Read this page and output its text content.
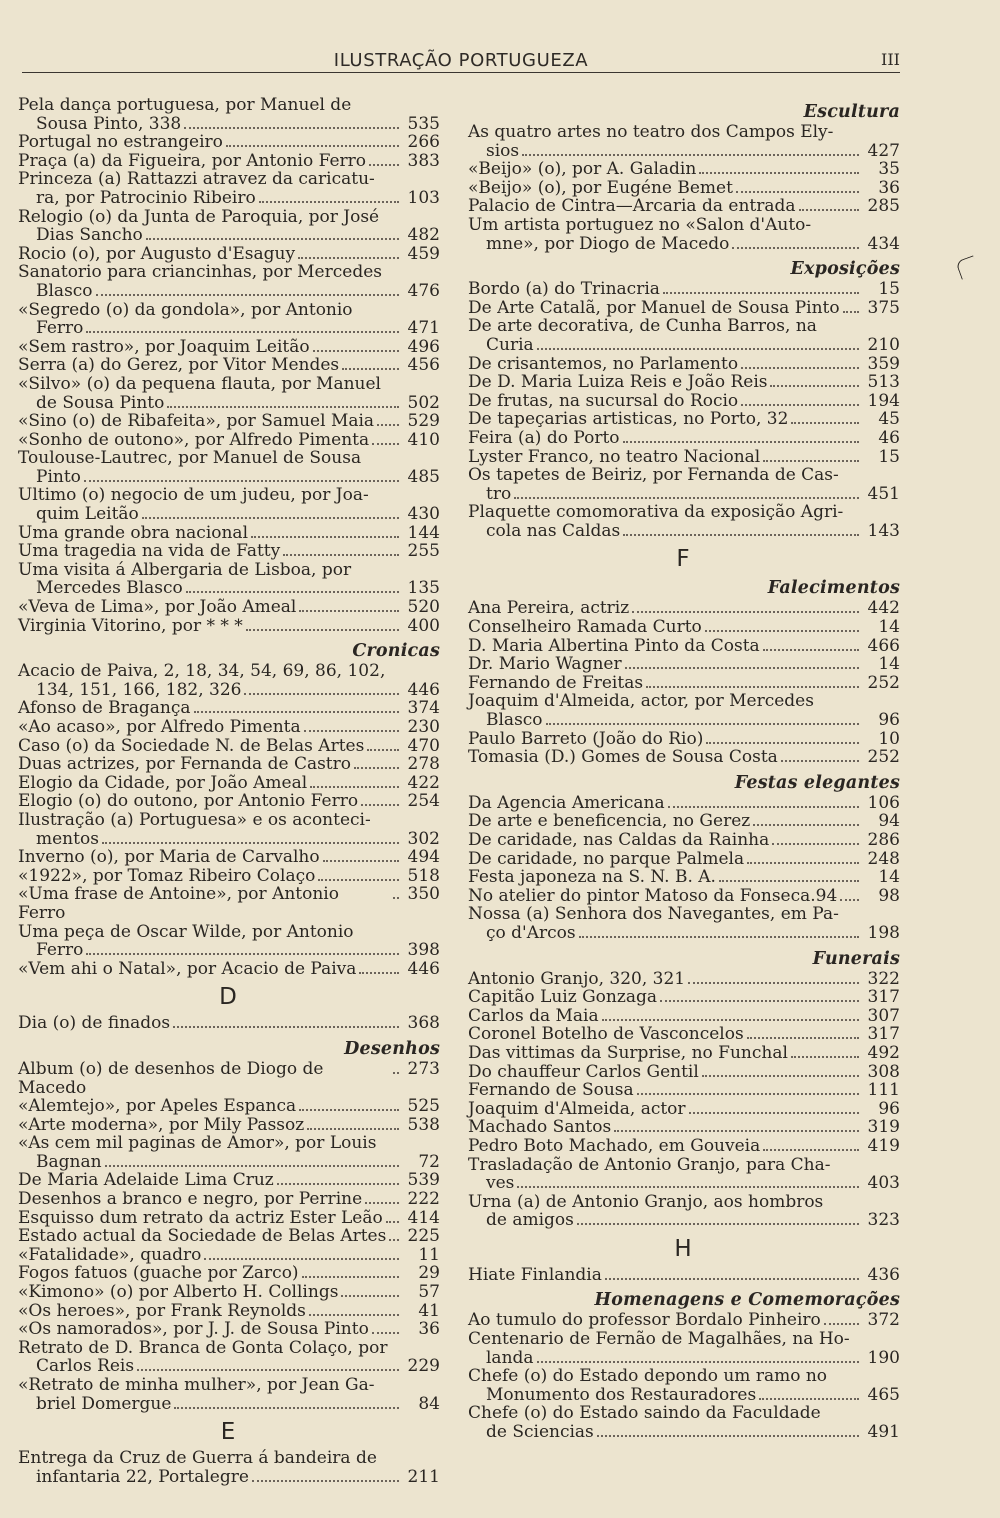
ILUSTRAÇÃO PORTUGUEZA	III
Pela dança portuguesa, por Manuel de
Sousa Pinto, 338	535
Portugal no estrangeiro	266
Praça (a) da Figueira, por Antonio Ferro 383
Princeza (a) Rattazzi atravez da caricatu-
ra, por Patrocinio Ribeiro	103
Relogio (o) da Junta de Paroquia, por José
Dias Sancho	482
Rocio (o), por Augusto d'Esaguy	459
Sanatorio para criancinhas, por Mercedes
Blasco	476
«Segredo (o) da gondola», por Antonio
Ferro	471
«Sem rastro», por Joaquim Leitão	496
Serra (a) do Gerez, por Vitor Mendes	456
«Silvo» (o) da pequena flauta, por Manuel
de Sousa Pinto	502
«Sino (o) de Ribafeita», por Samuel Maia 529
«Sonho de outono», por Alfredo Pimenta 410
Toulouse-Lautrec, por Manuel de Sousa
Pinto	485
Ultimo (o) negocio de um judeu, por Joa-
quim Leitão	430
Uma grande obra nacional	144
Uma tragedia na vida de Fatty	255
Uma visita á Albergaria de Lisboa, por
Mercedes Blasco	135
«Veva de Lima», por João Ameal	520
Virginia Vitorino, por * * *	400
Cronicas
Acacio de Paiva, 2, 18, 34, 54, 69, 86, 102,
134, 151, 166, 182, 326	446
Afonso de Bragança	374
«Ao acaso», por Alfredo Pimenta	230
Caso (o) da Sociedade N. de Belas Artes	470
Duas actrizes, por Fernanda de Castro	278
Elogio da Cidade, por João Ameal	422
Elogio (o) do outono, por Antonio Ferro	254
Ilustração (a) Portuguesa» e os aconteci-
mentos	302
Inverno (o), por Maria de Carvalho	494
«1922», por Tomaz Ribeiro Colaço	518
«Uma frase de Antoine», por Antonio Ferro
350
Uma peça de Oscar Wilde, por Antonio
Ferro	398
«Vem ahi o Natal», por Acacio de Paiva	446
D
Dia (o) de finados	368
Desenhos
Album (o) de desenhos de Diogo de Macedo
273
«Alemtejo», por Apeles Espanca	525
«Arte moderna», por Mily Passoz	538
«As cem mil paginas de Amor», por Louis
Bagnan	72
De Maria Adelaide Lima Cruz	539
Desenhos a branco e negro, por Perrine	222
Esquisso dum retrato da actriz Ester Leão 414
Estado actual da Sociedade de Belas Artes 225
«Fatalidade», quadro	11
Fogos fatuos (guache por Zarco)	29
«Kimono» (o) por Alberto H. Collings	57
«Os heroes», por Frank Reynolds	41
«Os namorados», por J. J. de Sousa Pinto	36
Retrato de D. Branca de Gonta Colaço, por
Carlos Reis	229
«Retrato de minha mulher», por Jean Ga-
briel Domergue	84
E
Entrega da Cruz de Guerra á bandeira de
infantaria 22, Portalegre	211
Escultura
As quatro artes no teatro dos Campos Ely-
sios	427
«Beijo» (o), por A. Galadin	35
«Beijo» (o), por Eugéne Bemet	36
Palacio de Cintra—Arcaria da entrada	285
Um artista portuguez no «Salon d'Auto-
mne», por Diogo de Macedo	434
Exposições
Bordo (a) do Trinacria	15
De Arte Catalã, por Manuel de Sousa Pinto 375
De arte decorativa, de Cunha Barros, na
Curia	210
De crisantemos, no Parlamento	359
De D. Maria Luiza Reis e João Reis	513
De frutas, na sucursal do Rocio	194
De tapeçarias artisticas, no Porto, 32	45
Feira (a) do Porto	46
Lyster Franco, no teatro Nacional	15
Os tapetes de Beiriz, por Fernanda de Cas-
tro	451
Plaquette comomorativa da exposição Agri-
cola nas Caldas	143
F
Falecimentos
Ana Pereira, actriz	442
Conselheiro Ramada Curto	14
D. Maria Albertina Pinto da Costa	466
Dr. Mario Wagner	14
Fernando de Freitas	252
Joaquim d'Almeida, actor, por Mercedes
Blasco	96
Paulo Barreto (João do Rio)	10
Tomasia (D.) Gomes de Sousa Costa	252
Festas elegantes
Da Agencia Americana	106
De arte e beneficencia, no Gerez	94
De caridade, nas Caldas da Rainha	286
De caridade, no parque Palmela	248
Festa japoneza na S. N. B. A.	14
No atelier do pintor Matoso da Fonseca.94	98
Nossa (a) Senhora dos Navegantes, em Pa-
ço d'Arcos	198
Funerais
Antonio Granjo, 320, 321	322
Capitão Luiz Gonzaga	317
Carlos da Maia	307
Coronel Botelho de Vasconcelos	317
Das vittimas da Surprise, no Funchal	492
Do chauffeur Carlos Gentil	308
Fernando de Sousa	111
Joaquim d'Almeida, actor	96
Machado Santos	319
Pedro Boto Machado, em Gouveia	419
Trasladação de Antonio Granjo, para Cha-
ves	403
Urna (a) de Antonio Granjo, aos hombros
de amigos	323
H
Hiate Finlandia	436
Homenagens e Comemorações
Ao tumulo do professor Bordalo Pinheiro	372
Centenario de Fernão de Magalhães, na Ho-
landa	190
Chefe (o) do Estado depondo um ramo no
Monumento dos Restauradores	465
Chefe (o) do Estado saindo da Faculdade
de Sciencias	491
